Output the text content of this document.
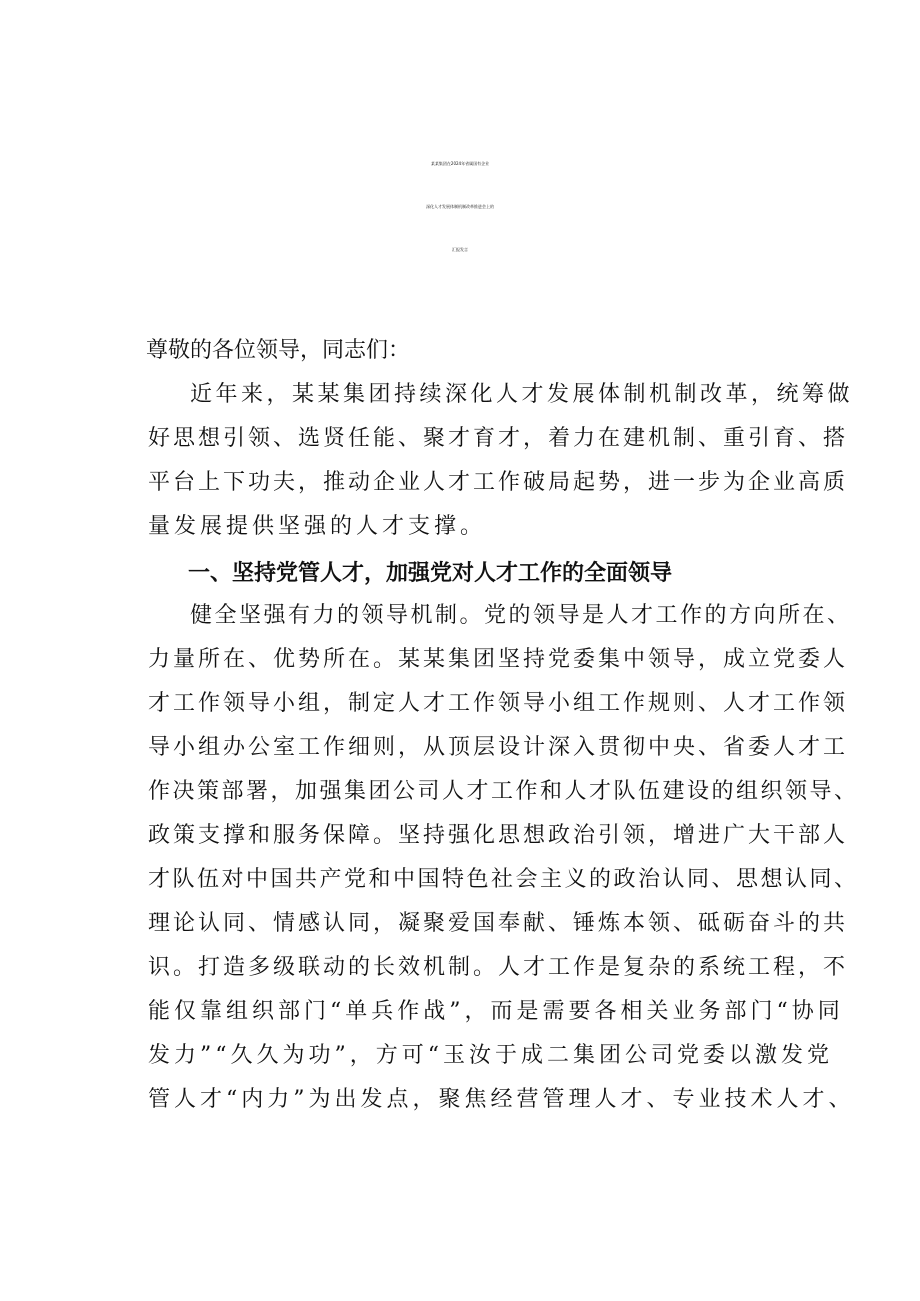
某某集团在2024年省属国有企业
深化人才发展体制机制改革推进会上的
汇报发言
尊敬的各位领导，同志们：
近年来，某某集团持续深化人才发展体制机制改革，统筹做
好思想引领、选贤任能、聚才育才，着力在建机制、重引育、搭
平台上下功夫，推动企业人才工作破局起势，进一步为企业高质
量发展提供坚强的人才支撑。
一、坚持党管人才，加强党对人才工作的全面领导
健全坚强有力的领导机制。党的领导是人才工作的方向所在、
力量所在、优势所在。某某集团坚持党委集中领导，成立党委人
才工作领导小组，制定人才工作领导小组工作规则、人才工作领
导小组办公室工作细则，从顶层设计深入贯彻中央、省委人才工
作决策部署，加强集团公司人才工作和人才队伍建设的组织领导、
政策支撑和服务保障。坚持强化思想政治引领，增进广大干部人
才队伍对中国共产党和中国特色社会主义的政治认同、思想认同、
理论认同、情感认同，凝聚爱国奉献、锤炼本领、砥砺奋斗的共
识。打造多级联动的长效机制。人才工作是复杂的系统工程，不
能仅靠组织部门“单兵作战”，而是需要各相关业务部门“协同
发力”“久久为功”，方可“玉汝于成二集团公司党委以激发党
管人才“内力”为出发点，聚焦经营管理人才、专业技术人才、
